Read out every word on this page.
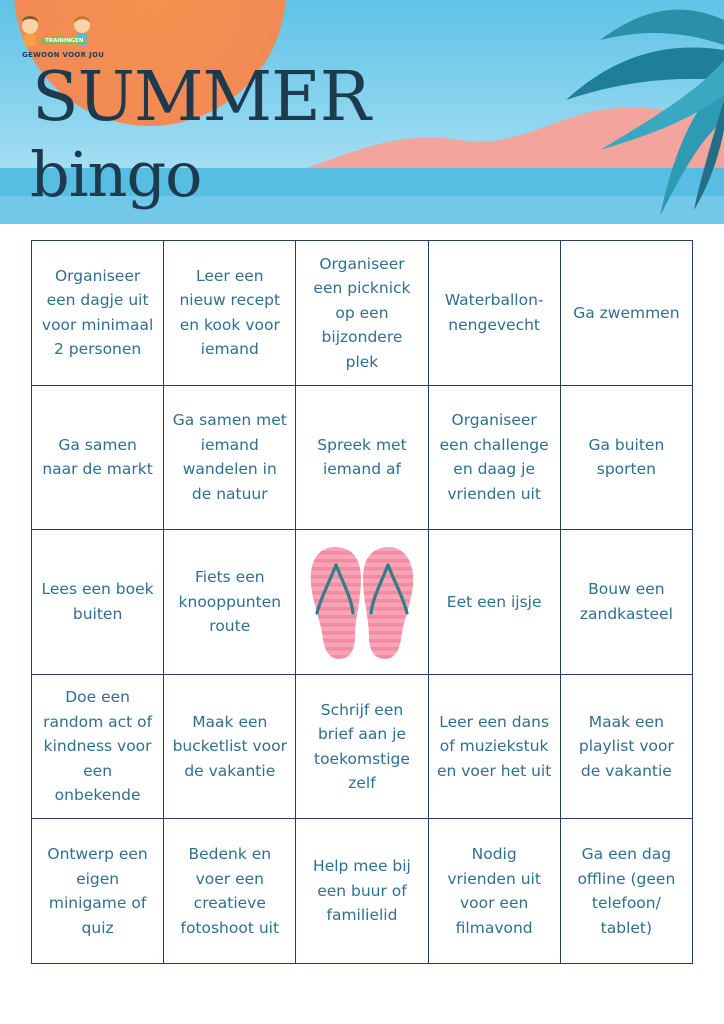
TRAININGEN
GEWOON VOOR JOU
SUMMER
bingo
Organiseer een dagje uit voor minimaal 2 personen	Leer een nieuw recept en kook voor iemand	Organiseer een picknick op een bijzondere plek	Waterballon-nengevecht	Ga zwemmen
Ga samen naar de markt	Ga samen met iemand wandelen in de natuur	Spreek met iemand af	Organiseer een challenge en daag je vrienden uit	Ga buiten sporten
Lees een boek buiten	Fiets een knooppunten route		Eet een ijsje	Bouw een zandkasteel
Doe een random act of kindness voor een onbekende	Maak een bucketlist voor de vakantie	Schrijf een brief aan je toekomstige zelf	Leer een dans of muziekstuk en voer het uit	Maak een playlist voor de vakantie
Ontwerp een eigen minigame of quiz	Bedenk en voer een creatieve fotoshoot uit	Help mee bij een buur of familielid	Nodig vrienden uit voor een filmavond	Ga een dag offline (geen telefoon/ tablet)
